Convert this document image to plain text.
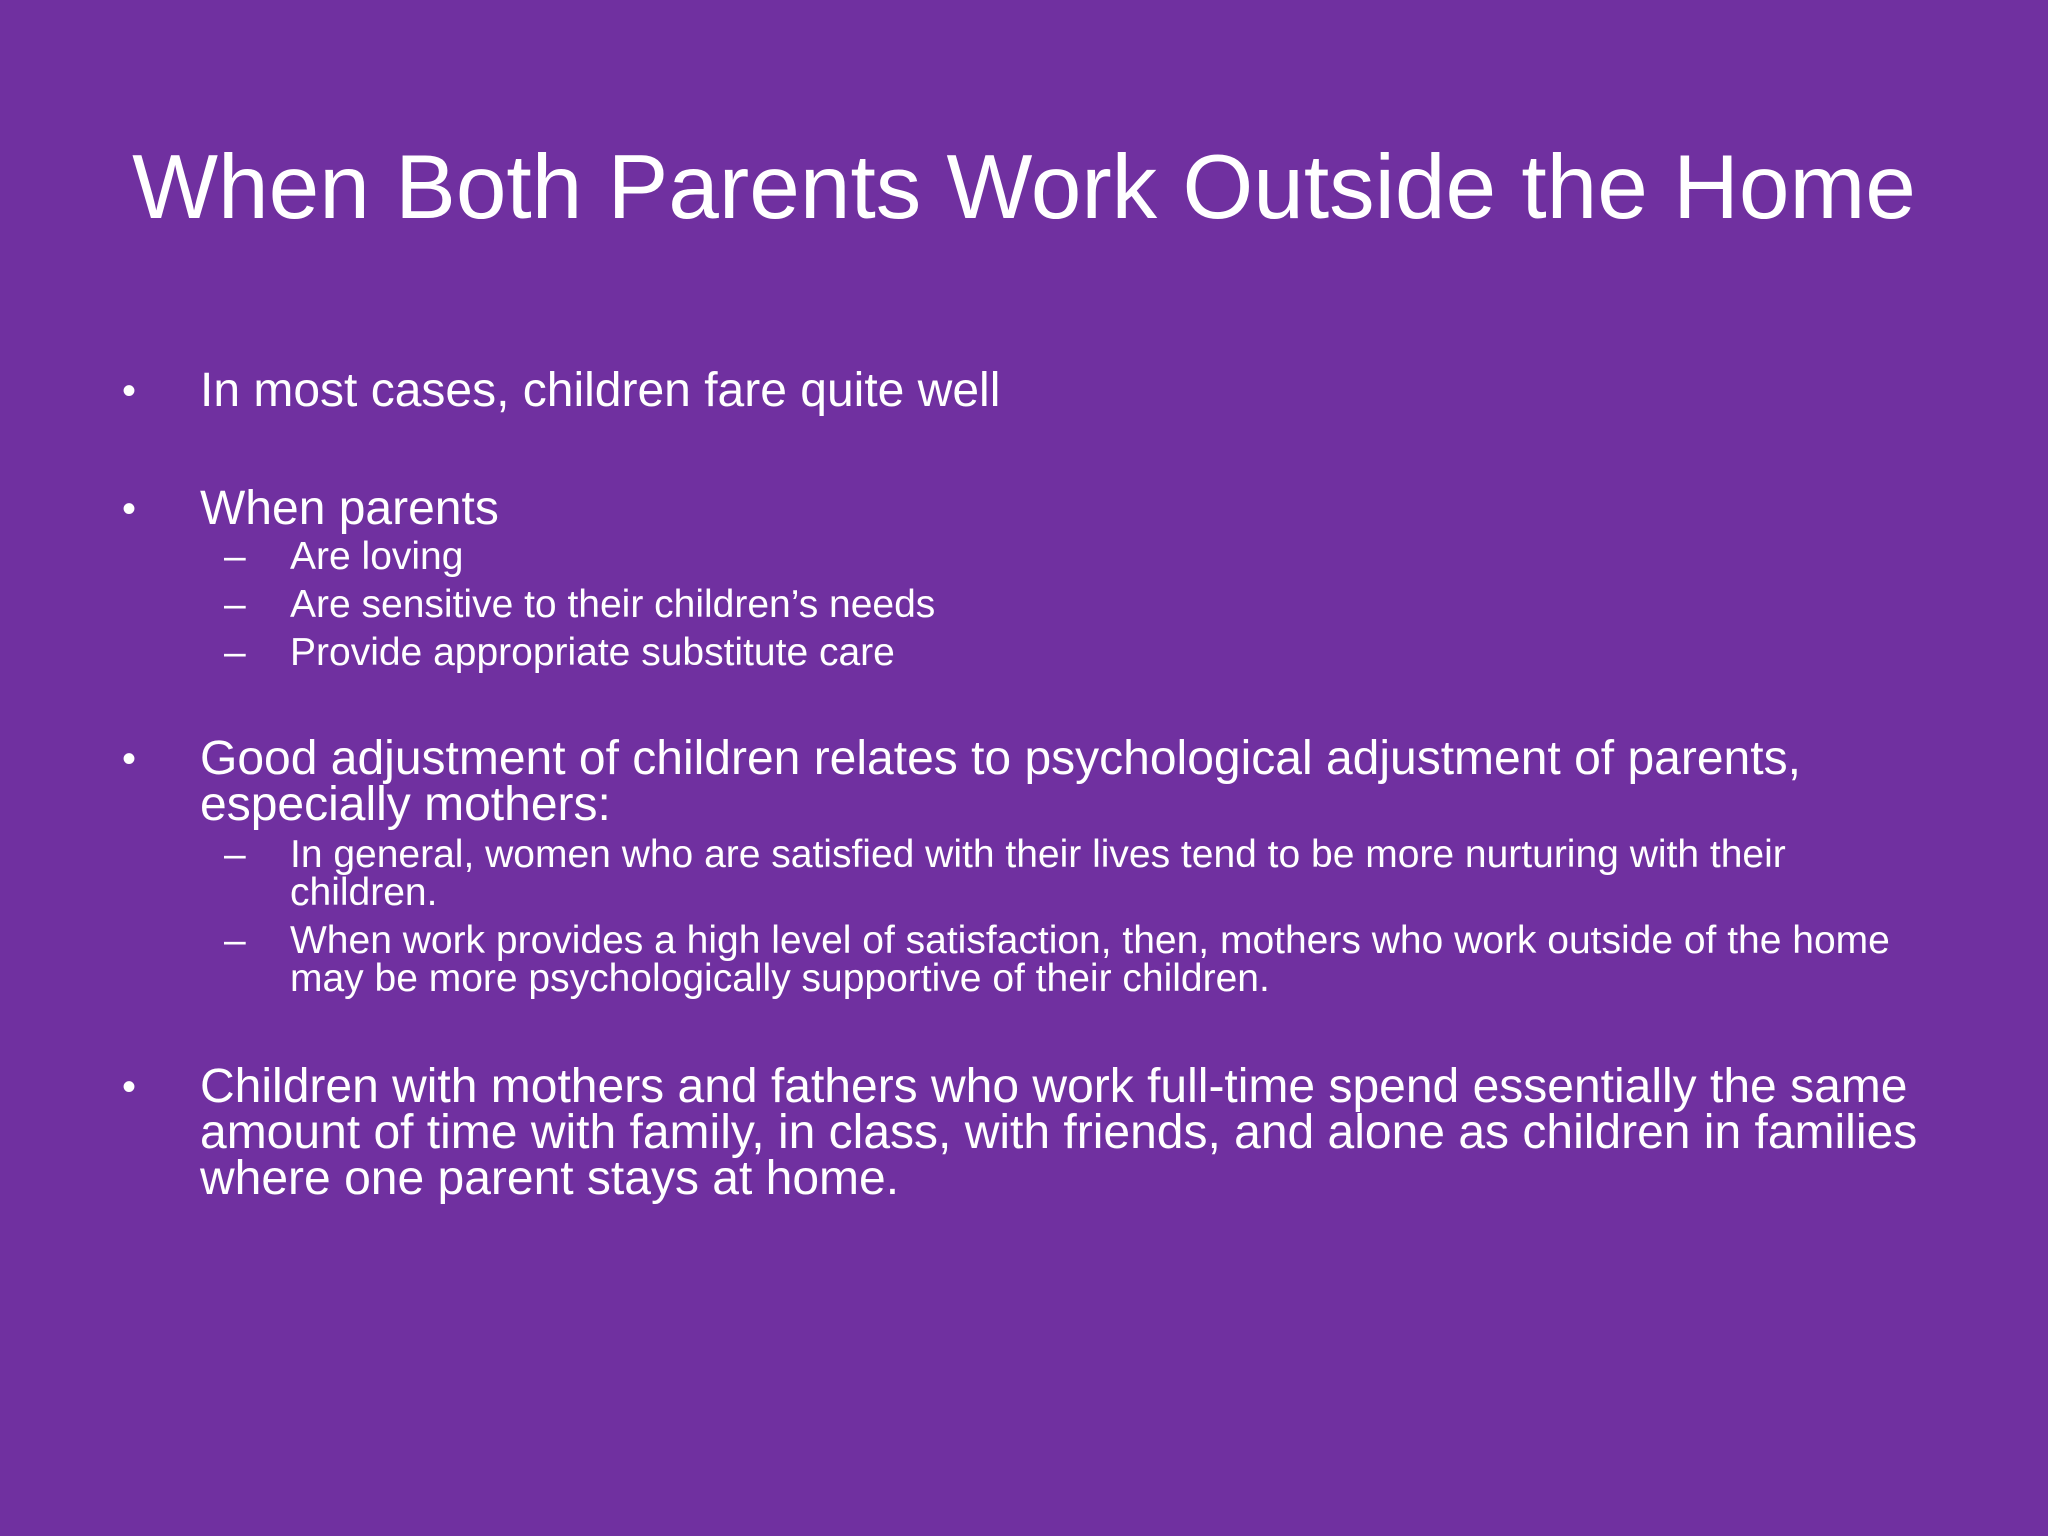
When Both Parents Work Outside the Home
• In most cases, children fare quite well
• When parents
– Are loving
– Are sensitive to their children’s needs
– Provide appropriate substitute care
• Good adjustment of children relates to psychological adjustment of parents, especially mothers:
– In general, women who are satisfied with their lives tend to be more nurturing with their children.
– When work provides a high level of satisfaction, then, mothers who work outside of the home may be more psychologically supportive of their children.
• Children with mothers and fathers who work full-time spend essentially the same amount of time with family, in class, with friends, and alone as children in families where one parent stays at home.
